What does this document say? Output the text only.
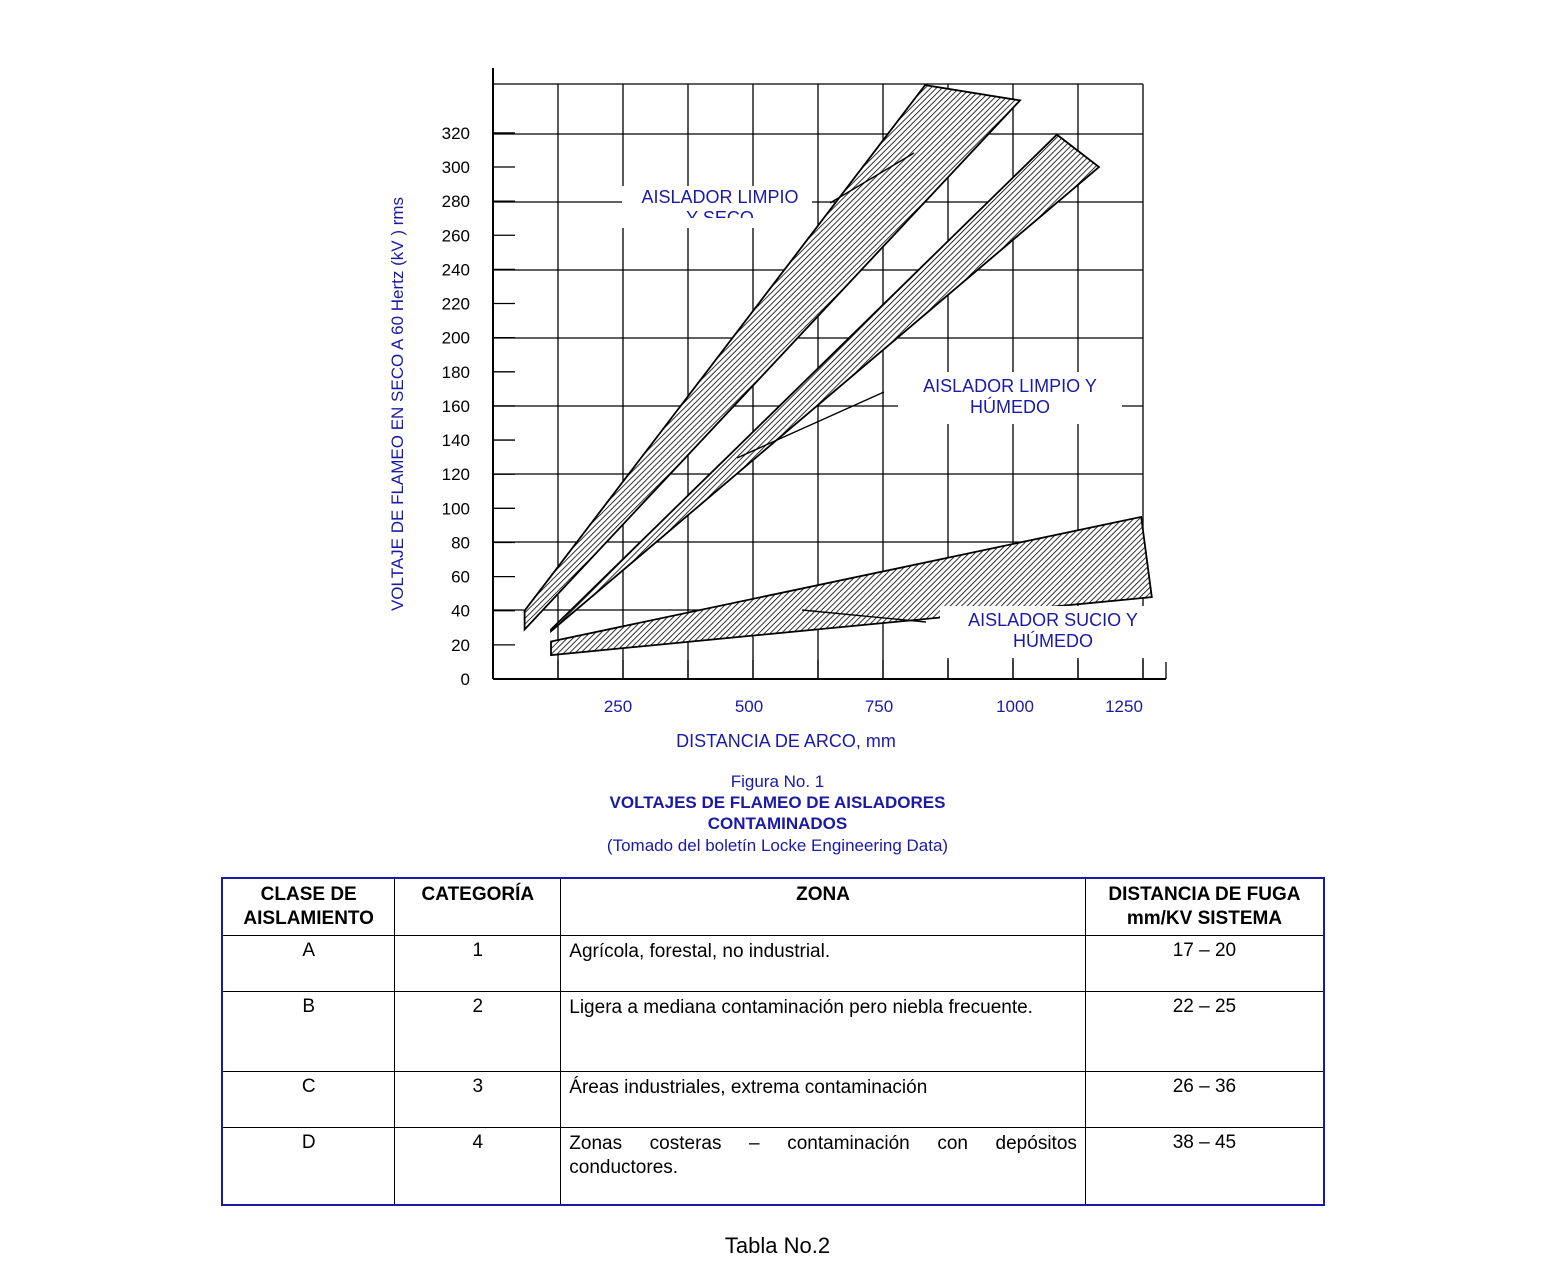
0
20
40
60
80
100
120
140
160
180
200
220
240
260
280
300
320
250	500	750	1000	1250
AISLADOR LIMPIO
AISLADOR LIMPIO Y
HÚMEDO
AISLADOR SUCIO Y
HÚMEDO
VOLTAJE DE FLAMEO EN SECO A 60 Hertz (kV ) rms
DISTANCIA DE ARCO, mm
Figura No. 1
VOLTAJES DE FLAMEO DE AISLADORES
CONTAMINADOS
(Tomado del boletín Locke Engineering Data)
CLASE DE
AISLAMIENTO	CATEGORÍA	ZONA	DISTANCIA DE FUGA
mm/KV SISTEMA
A	1	Agrícola, forestal, no industrial.	17 – 20
B	2	Ligera a mediana contaminación pero niebla frecuente.	22 – 25
C	3	Áreas industriales, extrema contaminación	26 – 36
D	4	Zonas costeras – contaminación con depósitos conductores.	38 – 45
Tabla No.2
